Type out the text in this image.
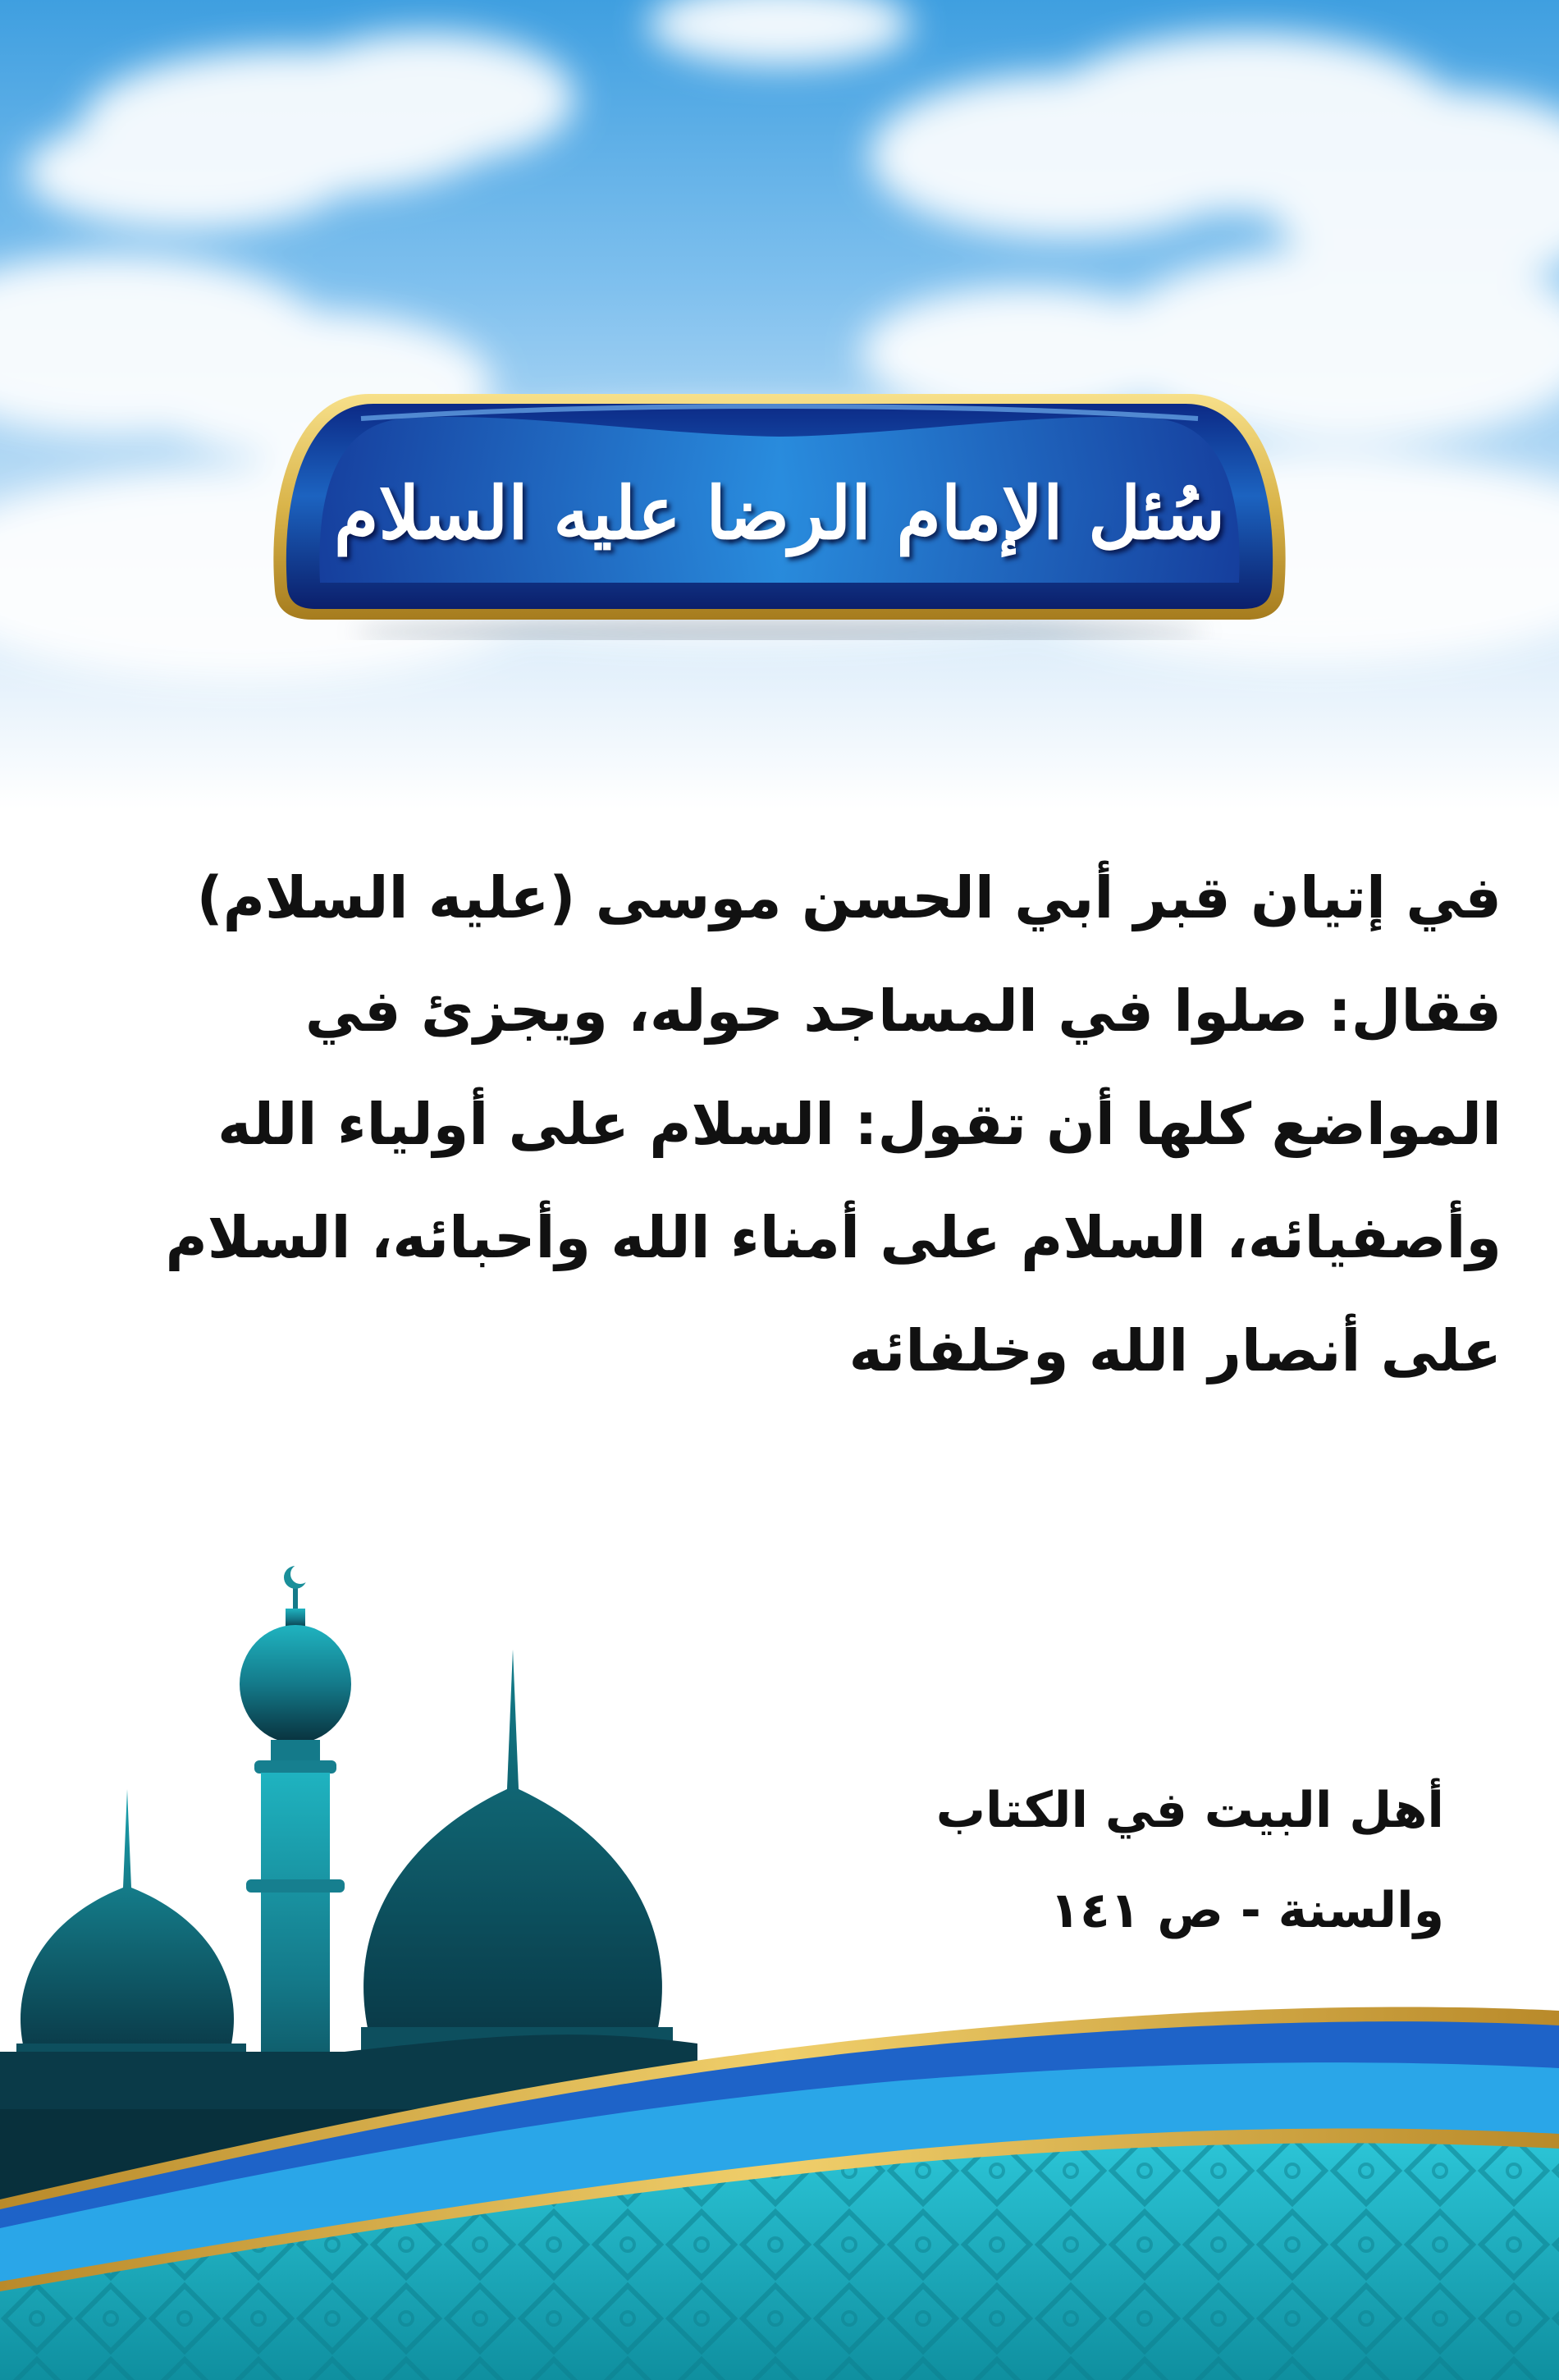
سُئل الإمام الرضا عليه السلام
في إتيان قبر أبي الحسن موسى (عليه السلام)
فقال: صلوا في المساجد حوله، ويجزئ في
المواضع كلها أن تقول: السلام على أولياء الله
وأصفيائه، السلام على أمناء الله وأحبائه، السلام
على أنصار الله وخلفائه
أهل البيت في الكتاب
والسنة - ص ١٤١
